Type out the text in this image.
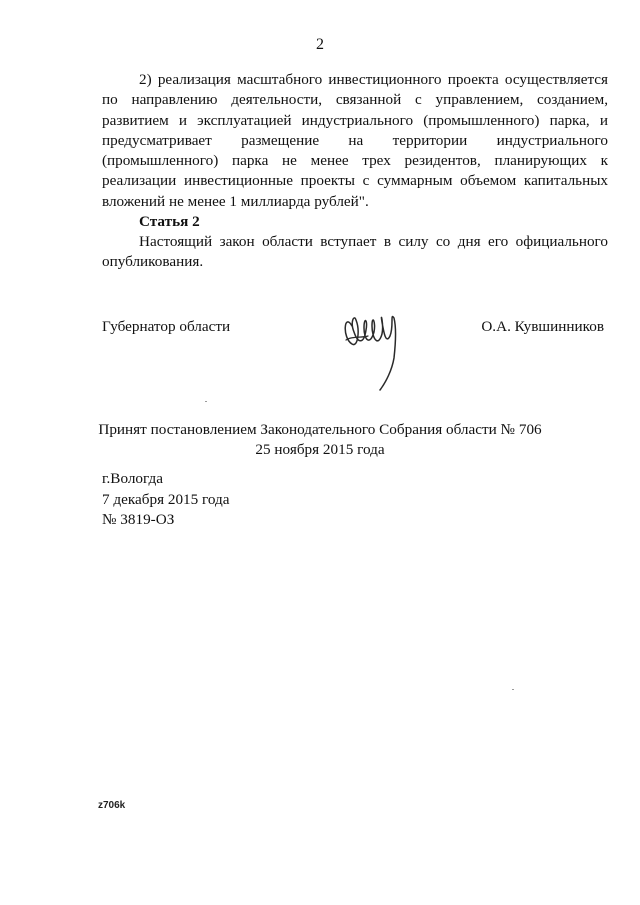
2

2) реализация масштабного инвестиционного проекта осуществляется по направлению деятельности, связанной с управлением, созданием, развитием и эксплуатацией индустриального (промышленного) парка, и предусматривает размещение на территории индустриального (промышленного) парка не менее трех резидентов, планирующих к реализации инвестиционные проекты с суммарным объемом капитальных вложений не менее 1 миллиарда рублей".

Статья 2

Настоящий закон области вступает в силу со дня его официального опубликования.

Губернатор области	О.А. Кувшинников
Принят постановлением Законодательного Собрания области № 706
25 ноября 2015 года
г.Вологда
7 декабря 2015 года
№ 3819-ОЗ
z706k
